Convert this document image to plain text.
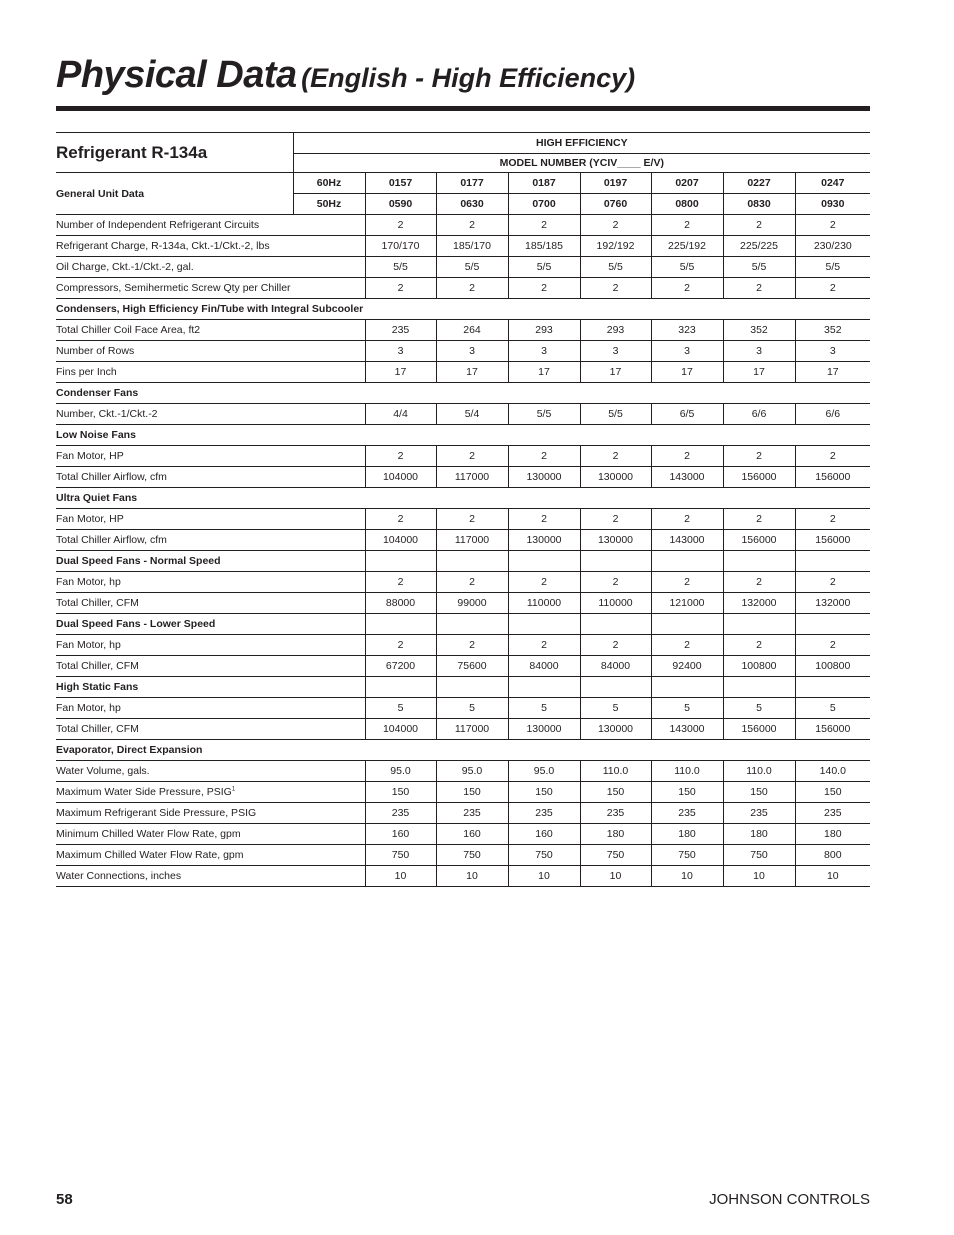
Physical Data (English - High Efficiency)
Refrigerant R-134a	HIGH EFFICIENCY							
	MODEL NUMBER (YCIV____ E/V)							
General Unit Data	60Hz	0157	0177	0187	0197	0207	0227	0247
	50Hz	0590	0630	0700	0760	0800	0830	0930
Number of Independent Refrigerant Circuits		2	2	2	2	2	2	2
Refrigerant Charge, R-134a, Ckt.-1/Ckt.-2, lbs		170/170	185/170	185/185	192/192	225/192	225/225	230/230
Oil Charge, Ckt.-1/Ckt.-2, gal.		5/5	5/5	5/5	5/5	5/5	5/5	5/5
Compressors, Semihermetic Screw Qty per Chiller		2	2	2	2	2	2	2
Condensers, High Efficiency Fin/Tube with Integral Subcooler								
Total Chiller Coil Face Area, ft2		235	264	293	293	323	352	352
Number of Rows		3	3	3	3	3	3	3
Fins per Inch		17	17	17	17	17	17	17
Condenser Fans								
Number, Ckt.-1/Ckt.-2		4/4	5/4	5/5	5/5	6/5	6/6	6/6
Low Noise Fans								
Fan Motor, HP		2	2	2	2	2	2	2
Total Chiller Airflow, cfm		104000	117000	130000	130000	143000	156000	156000
Ultra Quiet Fans								
Fan Motor, HP		2	2	2	2	2	2	2
Total Chiller Airflow, cfm		104000	117000	130000	130000	143000	156000	156000
Dual Speed Fans - Normal Speed								
Fan Motor, hp		2	2	2	2	2	2	2
Total Chiller, CFM		88000	99000	110000	110000	121000	132000	132000
Dual Speed Fans - Lower Speed								
Fan Motor, hp		2	2	2	2	2	2	2
Total Chiller, CFM		67200	75600	84000	84000	92400	100800	100800
High Static Fans								
Fan Motor, hp		5	5	5	5	5	5	5
Total Chiller, CFM		104000	117000	130000	130000	143000	156000	156000
Evaporator, Direct Expansion								
Water Volume, gals.		95.0	95.0	95.0	110.0	110.0	110.0	140.0
Maximum Water Side Pressure, PSIG$^1$		150	150	150	150	150	150	150
Maximum Refrigerant Side Pressure, PSIG		235	235	235	235	235	235	235
Minimum Chilled Water Flow Rate, gpm		160	160	160	180	180	180	180
Maximum Chilled Water Flow Rate, gpm		750	750	750	750	750	750	800
Water Connections, inches		10	10	10	10	10	10	10
58	JOHNSON CONTROLS
